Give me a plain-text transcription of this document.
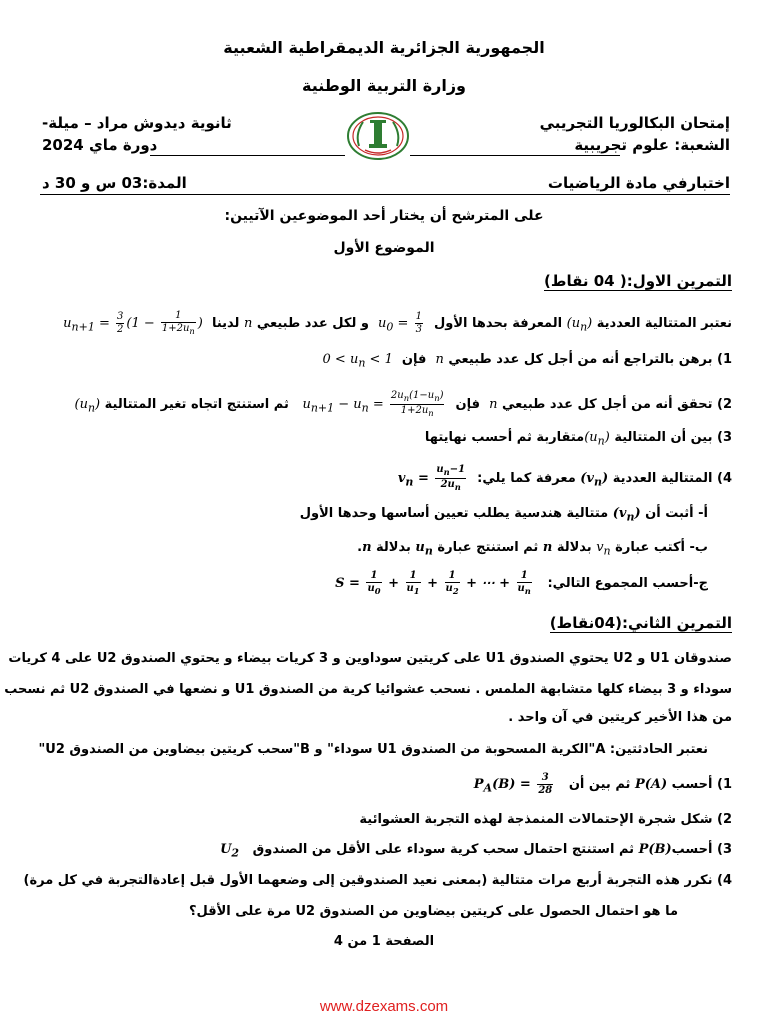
الجمهورية الجزائرية الديمقراطية الشعبية
وزارة التربية الوطنية
إمتحان البكالوريا التجريبي
الشعبة: علوم تجريبية
ثانوية ديدوش مراد – ميلة-
دورة ماي 2024
اختبارفي مادة الرياضيات
المدة:03 س و 30 د
على المترشح أن يختار أحد الموضوعين الآتيين:
الموضوع الأول
التمرين الاول:( 04 نقاط)
نعتبر المتتالية العددية $(u_n)$ المعرفة بحدها الأول  $u_0 = \frac{1}{3}$
و لكل عدد طبيعي n لدينا  $u_{n+1} = \frac{3}{2} (1 - \frac{1}{1+2u_n}$ )
1) برهن بالتراجع أنه من أجل كل عدد طبيعي n  فإن  $0 < u_n < 1$
2) تحقق أنه من أجل كل عدد طبيعي n  فإن  $u_{n+1} - u_n = \frac{2u_n(1-u_n)}{1+2u_n}$
ثم استنتج اتجاه تغير المتتالية $(u_n)$
3) بين أن المتتالية $(u_n)متقاربة$ ثم أحسب نهايتها
4) المتتالية العددية $(v_n)$ معرفة كما يلي:  $v_n = \frac{u_n-1}{2u_n}$
أ- أثبت أن $(v_n)$ متتالية هندسية يطلب تعيين أساسها وحدها الأول
ب- أكتب عبارة $v_n$ بدلالة n ثم استنتج عبارة $u_n$ بدلالة n.
ج-أحسب المجموع التالي:   $S = \frac{1}{u_0} + \frac{1}{u_1} + \frac{1}{u_2}$ + ⋯ + $\frac{1}{u_n}$
التمرين الثاني:(04نقاط)
صندوقان U1 و U2 يحتوي الصندوق U1 على كريتين سوداوين و 3 كريات بيضاء و يحتوي الصندوق U2 على 4 كريات
سوداء و 3 بيضاء كلها متشابهة الملمس . نسحب عشوائيا كرية من الصندوق U1 و نضعها في الصندوق U2 ثم نسحب
من هذا الأخير كريتين في آن واحد .
نعتبر الحادثتين: A"الكرية المسحوبة من الصندوق U1 سوداء" و B"سحب كريتين بيضاوين من الصندوق U2"
1) أحسب P(A) ثم بين أن   $P_A(B) = \frac{3}{28}$
2) شكل شجرة الإحتمالات المنمذجة لهذه التجربة العشوائية
3) أحسبP(B) ثم استنتج احتمال سحب كرية سوداء على الأقل من الصندوق   $U_2$
4) نكرر هذه التجربة أربع مرات متتالية (بمعنى نعيد الصندوقين إلى وضعهما الأول قبل إعادةالتجربة في كل مرة)
ما هو احتمال الحصول على كريتين بيضاوين من الصندوق U2 مرة على الأقل؟
الصفحة 1 من 4
www.dzexams.com
